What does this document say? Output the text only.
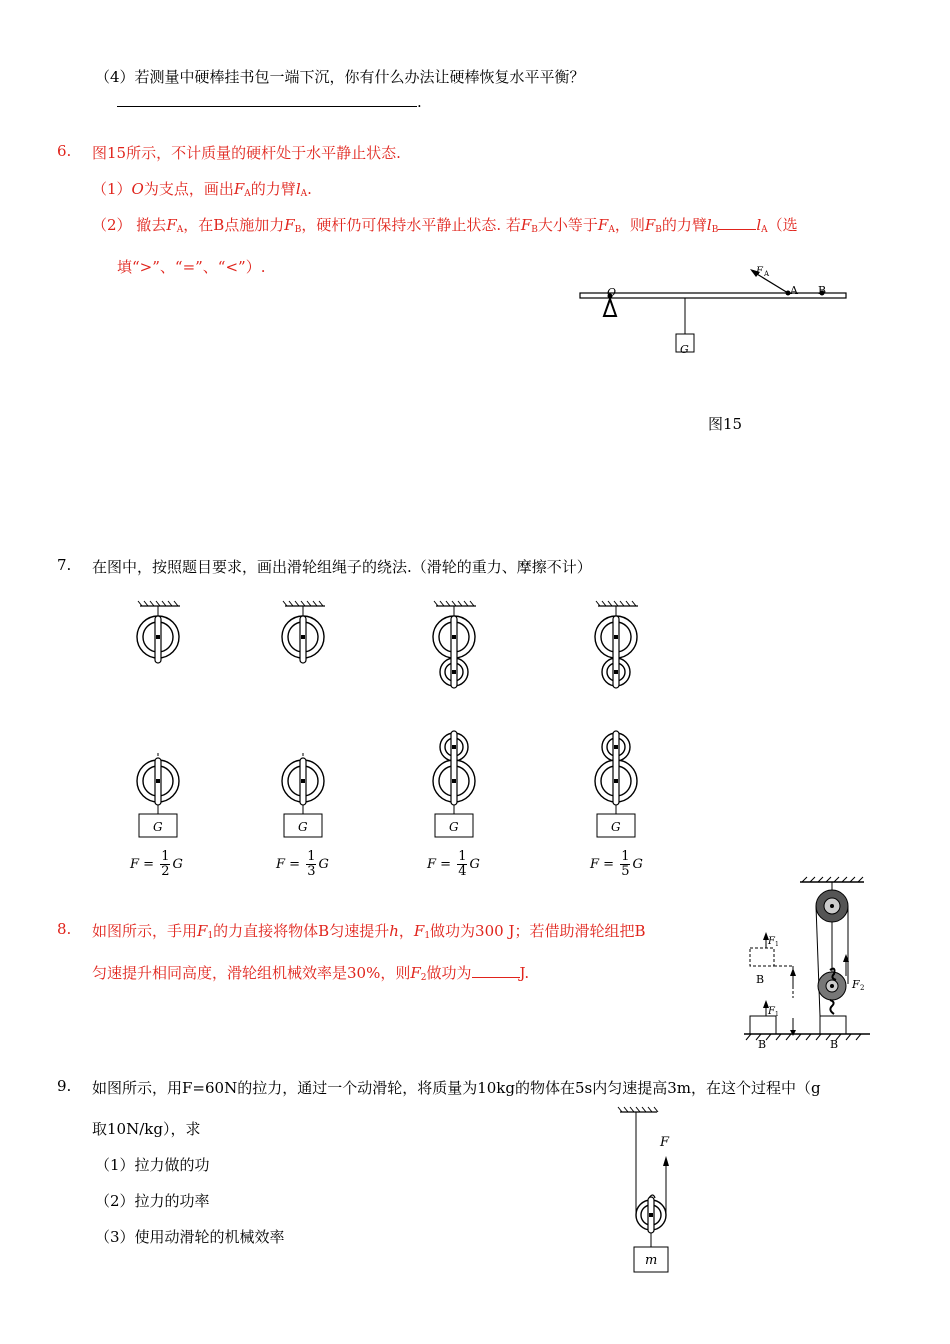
（4）若测量中硬棒挂书包一端下沉，你有什么办法让硬棒恢复水平平衡？
.
6. 图15所示，不计质量的硬杆处于水平静止状态.
（1）O为支点，画出$F_A$的力臂$l_A$.
（2） 撤去$F_A$，在B点施加力$F_B$，硬杆仍可保持水平静止状态. 若$F_B$大小等于$F_A$，则$F_B$的力臂$l_B$	$l_A$（选
填“>”、“=”、“<”）.
O
G
A B
F A
图15
7. 在图中，按照题目要求，画出滑轮组绳子的绕法.（滑轮的重力、摩擦不计）
G	G	G	G
$F = \frac{1}{2}$ G	$F = \frac{1}{3}$ G	$F = \frac{1}{4}$ G	$F = \frac{1}{5}$ G
8. 如图所示，手用$F_1$的力直接将物体B匀速提升h，$F_1$做功为300 J；若借助滑轮组把B
匀速提升相同高度，滑轮组机械效率是30%，则$F_2$做功为	J.
F 2
F 1
B
F 1
B	B
9. 如图所示，用F=60N的拉力，通过一个动滑轮，将质量为10kg的物体在5s内匀速提高3m，在这个过程中（g
取10N/kg），求
（1）拉力做的功
（2）拉力的功率
（3）使用动滑轮的机械效率
F
m
